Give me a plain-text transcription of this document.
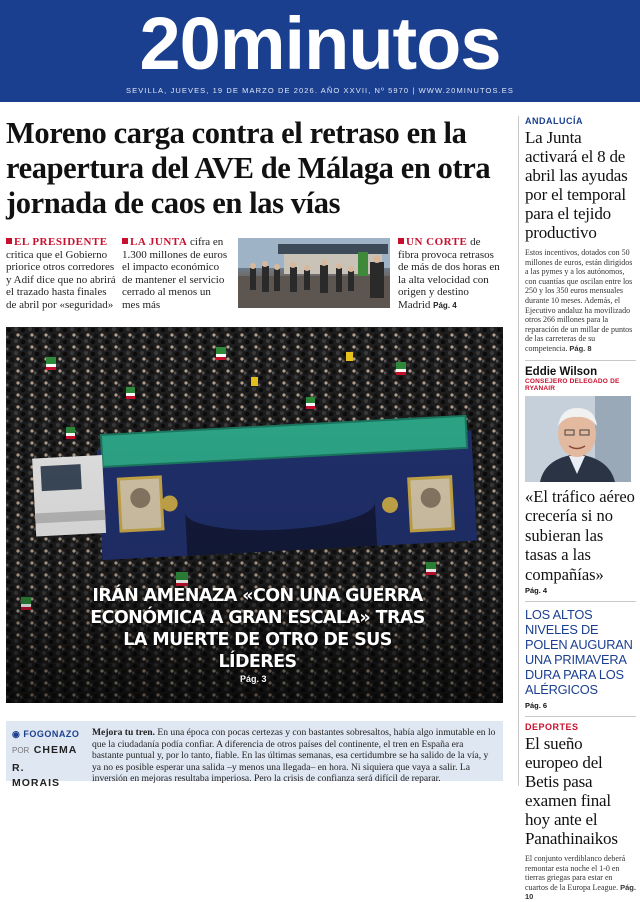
20minutos
SEVILLA, JUEVES, 19 DE MARZO DE 2026. AÑO XXVII, Nº 5970 | WWW.20MINUTOS.ES
Moreno carga contra el retraso en la reapertura del AVE de Málaga en otra jornada de caos en las vías
EL PRESIDENTE critica que el Gobierno priorice otros corredores y Adif dice que no abrirá el trazado hasta finales de abril por «seguridad»
LA JUNTA cifra en 1.300 millones de euros el impacto económico de mantener el servicio cerrado al menos un mes más
UN CORTE de fibra provoca retrasos de más de dos horas en la alta velocidad con origen y destino Madrid Pág. 4
IRÁN AMENAZA «CON UNA GUERRA ECONÓMICA A GRAN ESCALA» TRAS LA MUERTE DE OTRO DE SUS LÍDERES
Pág. 3
◉ FOGONAZO
POR CHEMA R.
MORAIS
Mejora tu tren. En una época con pocas certezas y con bastantes sobresaltos, había algo inmutable en lo que la ciudadanía podía confiar. A diferencia de otros países del continente, el tren en España era bastante puntual y, por lo tanto, fiable. En las últimas semanas, esa certidumbre se ha salido de la vía, y ya no es posible esperar una salida –y menos una llegada– en hora. Ni siquiera que vaya a salir. La inversión en mejoras resultaba imperiosa. Pero la crisis de confianza será difícil de reparar.
ANDALUCÍA
La Junta activará el 8 de abril las ayudas por el temporal para el tejido productivo
Estos incentivos, dotados con 50 millones de euros, están dirigidos a las pymes y a los autónomos, con cuantías que oscilan entre los 250 y los 350 euros mensuales durante 10 meses. Además, el Ejecutivo andaluz ha movilizado otros 266 millones para la reparación de un millar de puntos de las carreteras de su competencia. Pág. 8
Eddie Wilson
CONSEJERO DELEGADO DE RYANAIR
«El tráfico aéreo crecería si no subieran las tasas a las compañías»
Pág. 4
LOS ALTOS NIVELES DE POLEN AUGURAN UNA PRIMAVERA DURA PARA LOS ALÉRGICOS
Pág. 6
DEPORTES
El sueño europeo del Betis pasa examen final hoy ante el Panathinaikos
El conjunto verdiblanco deberá remontar esta noche el 1-0 en tierras griegas para estar en cuartos de la Europa League. Pág. 10
